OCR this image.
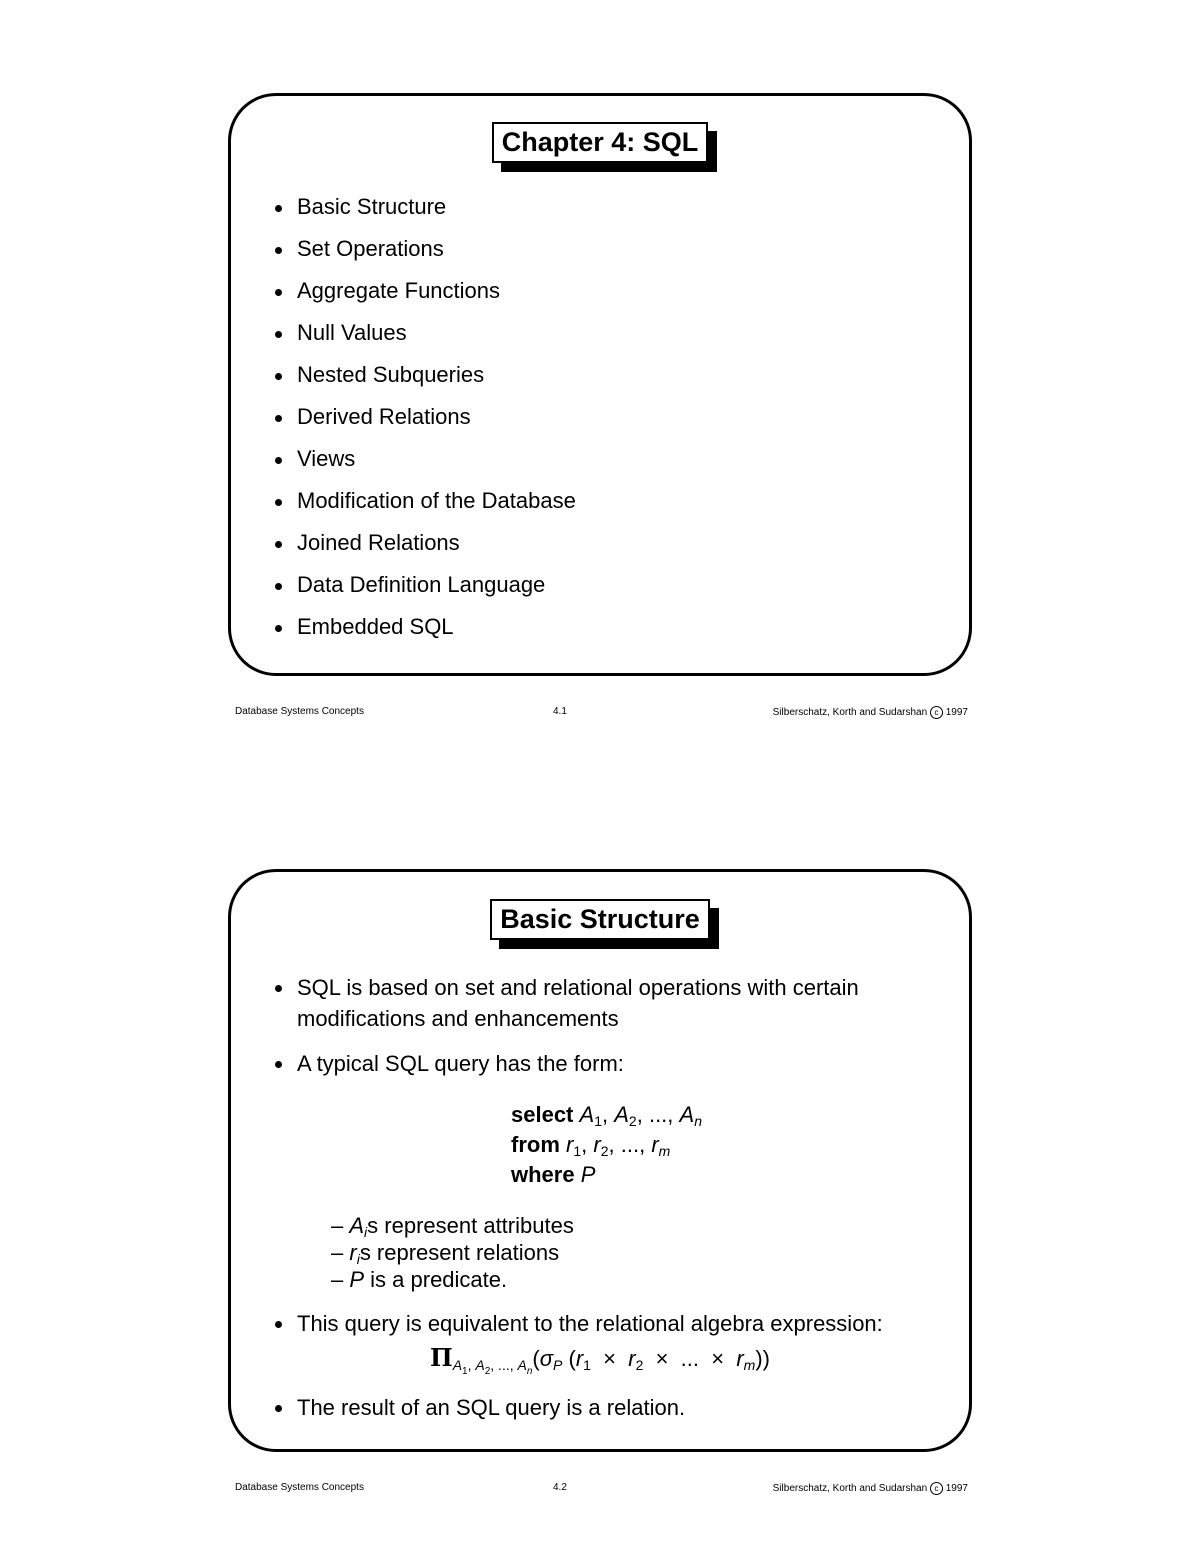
Chapter 4: SQL
Basic Structure
Set Operations
Aggregate Functions
Null Values
Nested Subqueries
Derived Relations
Views
Modification of the Database
Joined Relations
Data Definition Language
Embedded SQL
Database Systems Concepts	4.1	Silberschatz, Korth and Sudarshan c 1997
Basic Structure
SQL is based on set and relational operations with certain modifications and enhancements
A typical SQL query has the form:
select $A_1$, $A_2$, ..., $A_n$
from $r_1$, $r_2$, ..., $r_m$
where P
– $A_is$ represent attributes
– $r_is$ represent relations
– P is a predicate.
This query is equivalent to the relational algebra expression:
$\Pi_{A_1, A_2, ..., A_n}(\sigma_P$ ($r_1 \times r_2$  ×  ...  ×  $r_m$))
The result of an SQL query is a relation.
Database Systems Concepts	4.2	Silberschatz, Korth and Sudarshan c 1997
